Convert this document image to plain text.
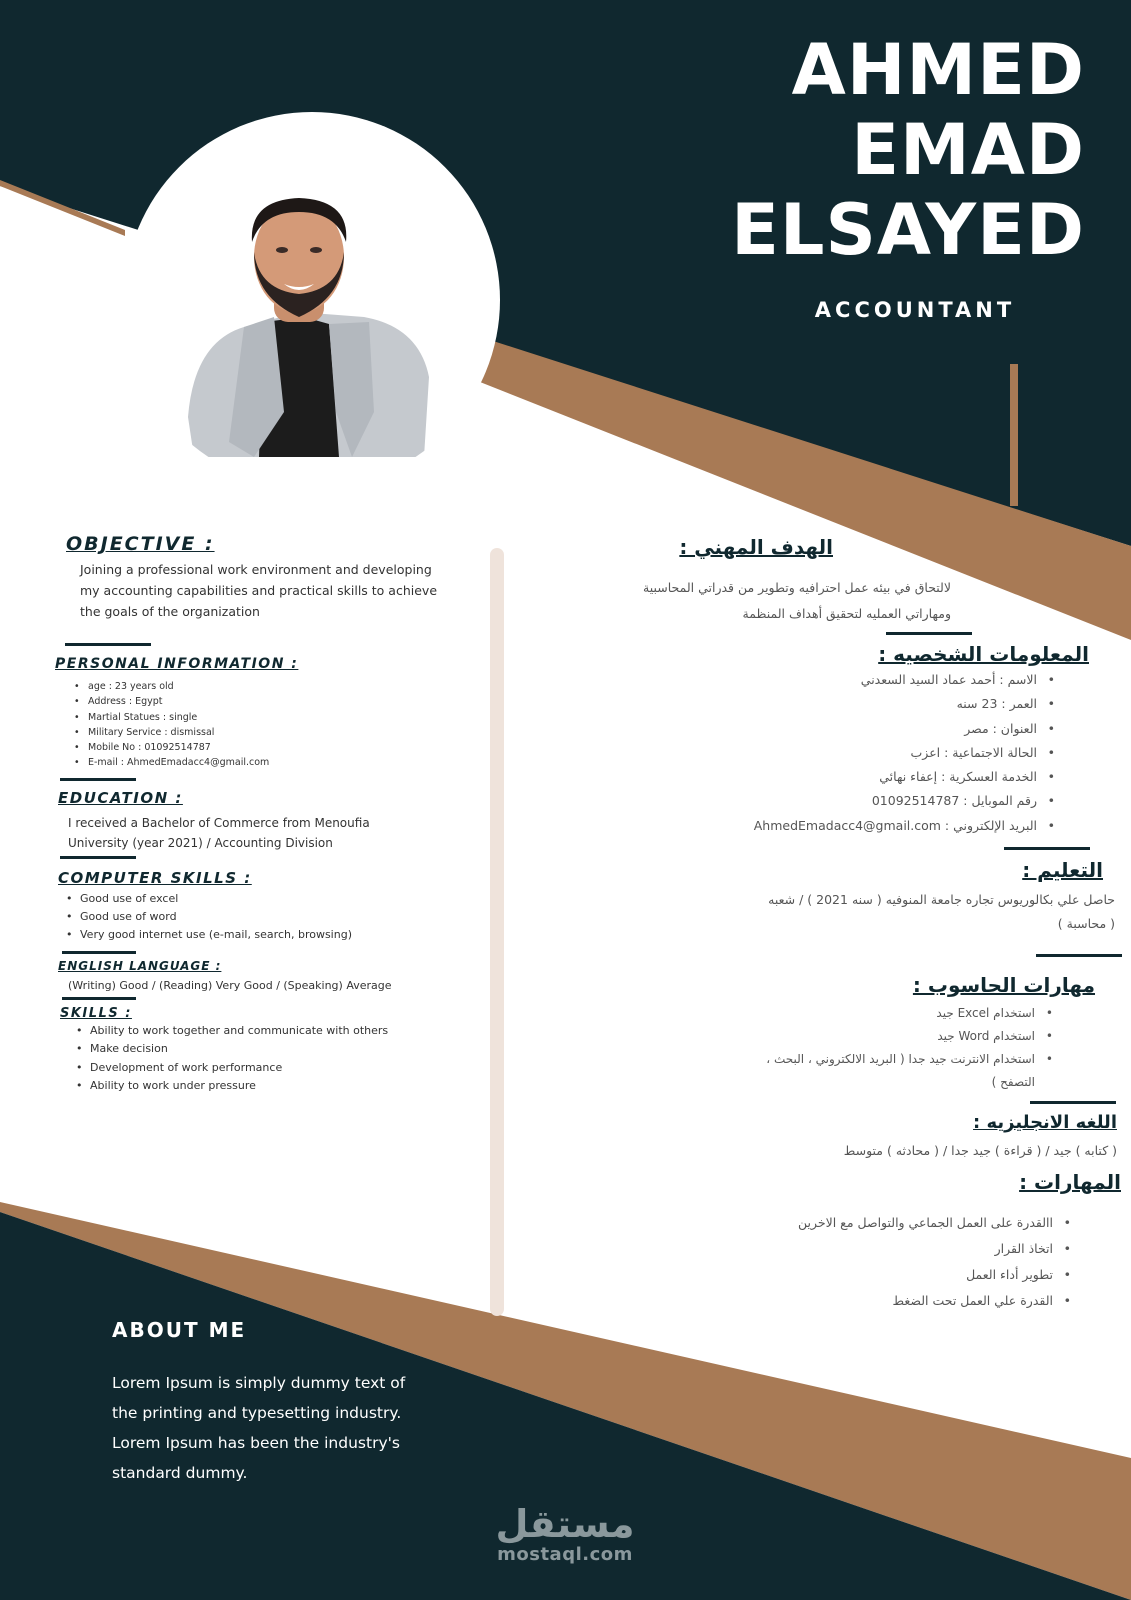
AHMED
EMAD
ELSAYED
ACCOUNTANT
OBJECTIVE :
Joining a professional work environment and developing
my accounting capabilities and practical skills to achieve
the goals of the organization
PERSONAL INFORMATION :
• age : 23 years old
• Address : Egypt
• Martial Statues : single
• Military Service : dismissal
• Mobile No : 01092514787
• E-mail : AhmedEmadacc4@gmail.com
EDUCATION :
I received a Bachelor of Commerce from Menoufia
University (year 2021) / Accounting Division
COMPUTER SKILLS :
• Good use of excel
• Good use of word
• Very good internet use (e-mail, search, browsing)
ENGLISH LANGUAGE :
(Writing) Good / (Reading) Very Good / (Speaking) Average
SKILLS :
• Ability to work together and communicate with others
• Make decision
• Development of work performance
• Ability to work under pressure
الهدف المهني :
لالتحاق في بيئه عمل احترافيه وتطوير من قدراتي المحاسبية
ومهاراتي العمليه لتحقيق أهداف المنظمة
المعلومات الشخصيه :
• الاسم : أحمد عماد السيد السعدني
• العمر : 23 سنه
• العنوان : مصر
• الحالة الاجتماعية : اعزب
• الخدمة العسكرية : إعفاء نهائي
• رقم الموبايل : 01092514787
• البريد الإلكتروني : AhmedEmadacc4@gmail.com
التعليم :
حاصل علي بكالوريوس تجاره جامعة المنوفيه ( سنه 2021 ) / شعبه
( محاسبة )
مهارات الحاسوب :
• استخدام Excel جيد
• استخدام Word جيد
• استخدام الانترنت جيد جدا ( البريد الالكتروني ، البحث ، التصفح )
اللغه الانجليزيه :
( كتابه ) جيد / ( قراءة ) جيد جدا / ( محادثه ) متوسط
المهارات :
• االقدرة على العمل الجماعي والتواصل مع الاخرين
• اتخاذ القرار
• تطوير أداء العمل
• القدرة علي العمل تحت الضغط
ABOUT ME
Lorem Ipsum is simply dummy text of
the printing and typesetting industry.
Lorem Ipsum has been the industry's
standard dummy.
مستقل
mostaql.com
